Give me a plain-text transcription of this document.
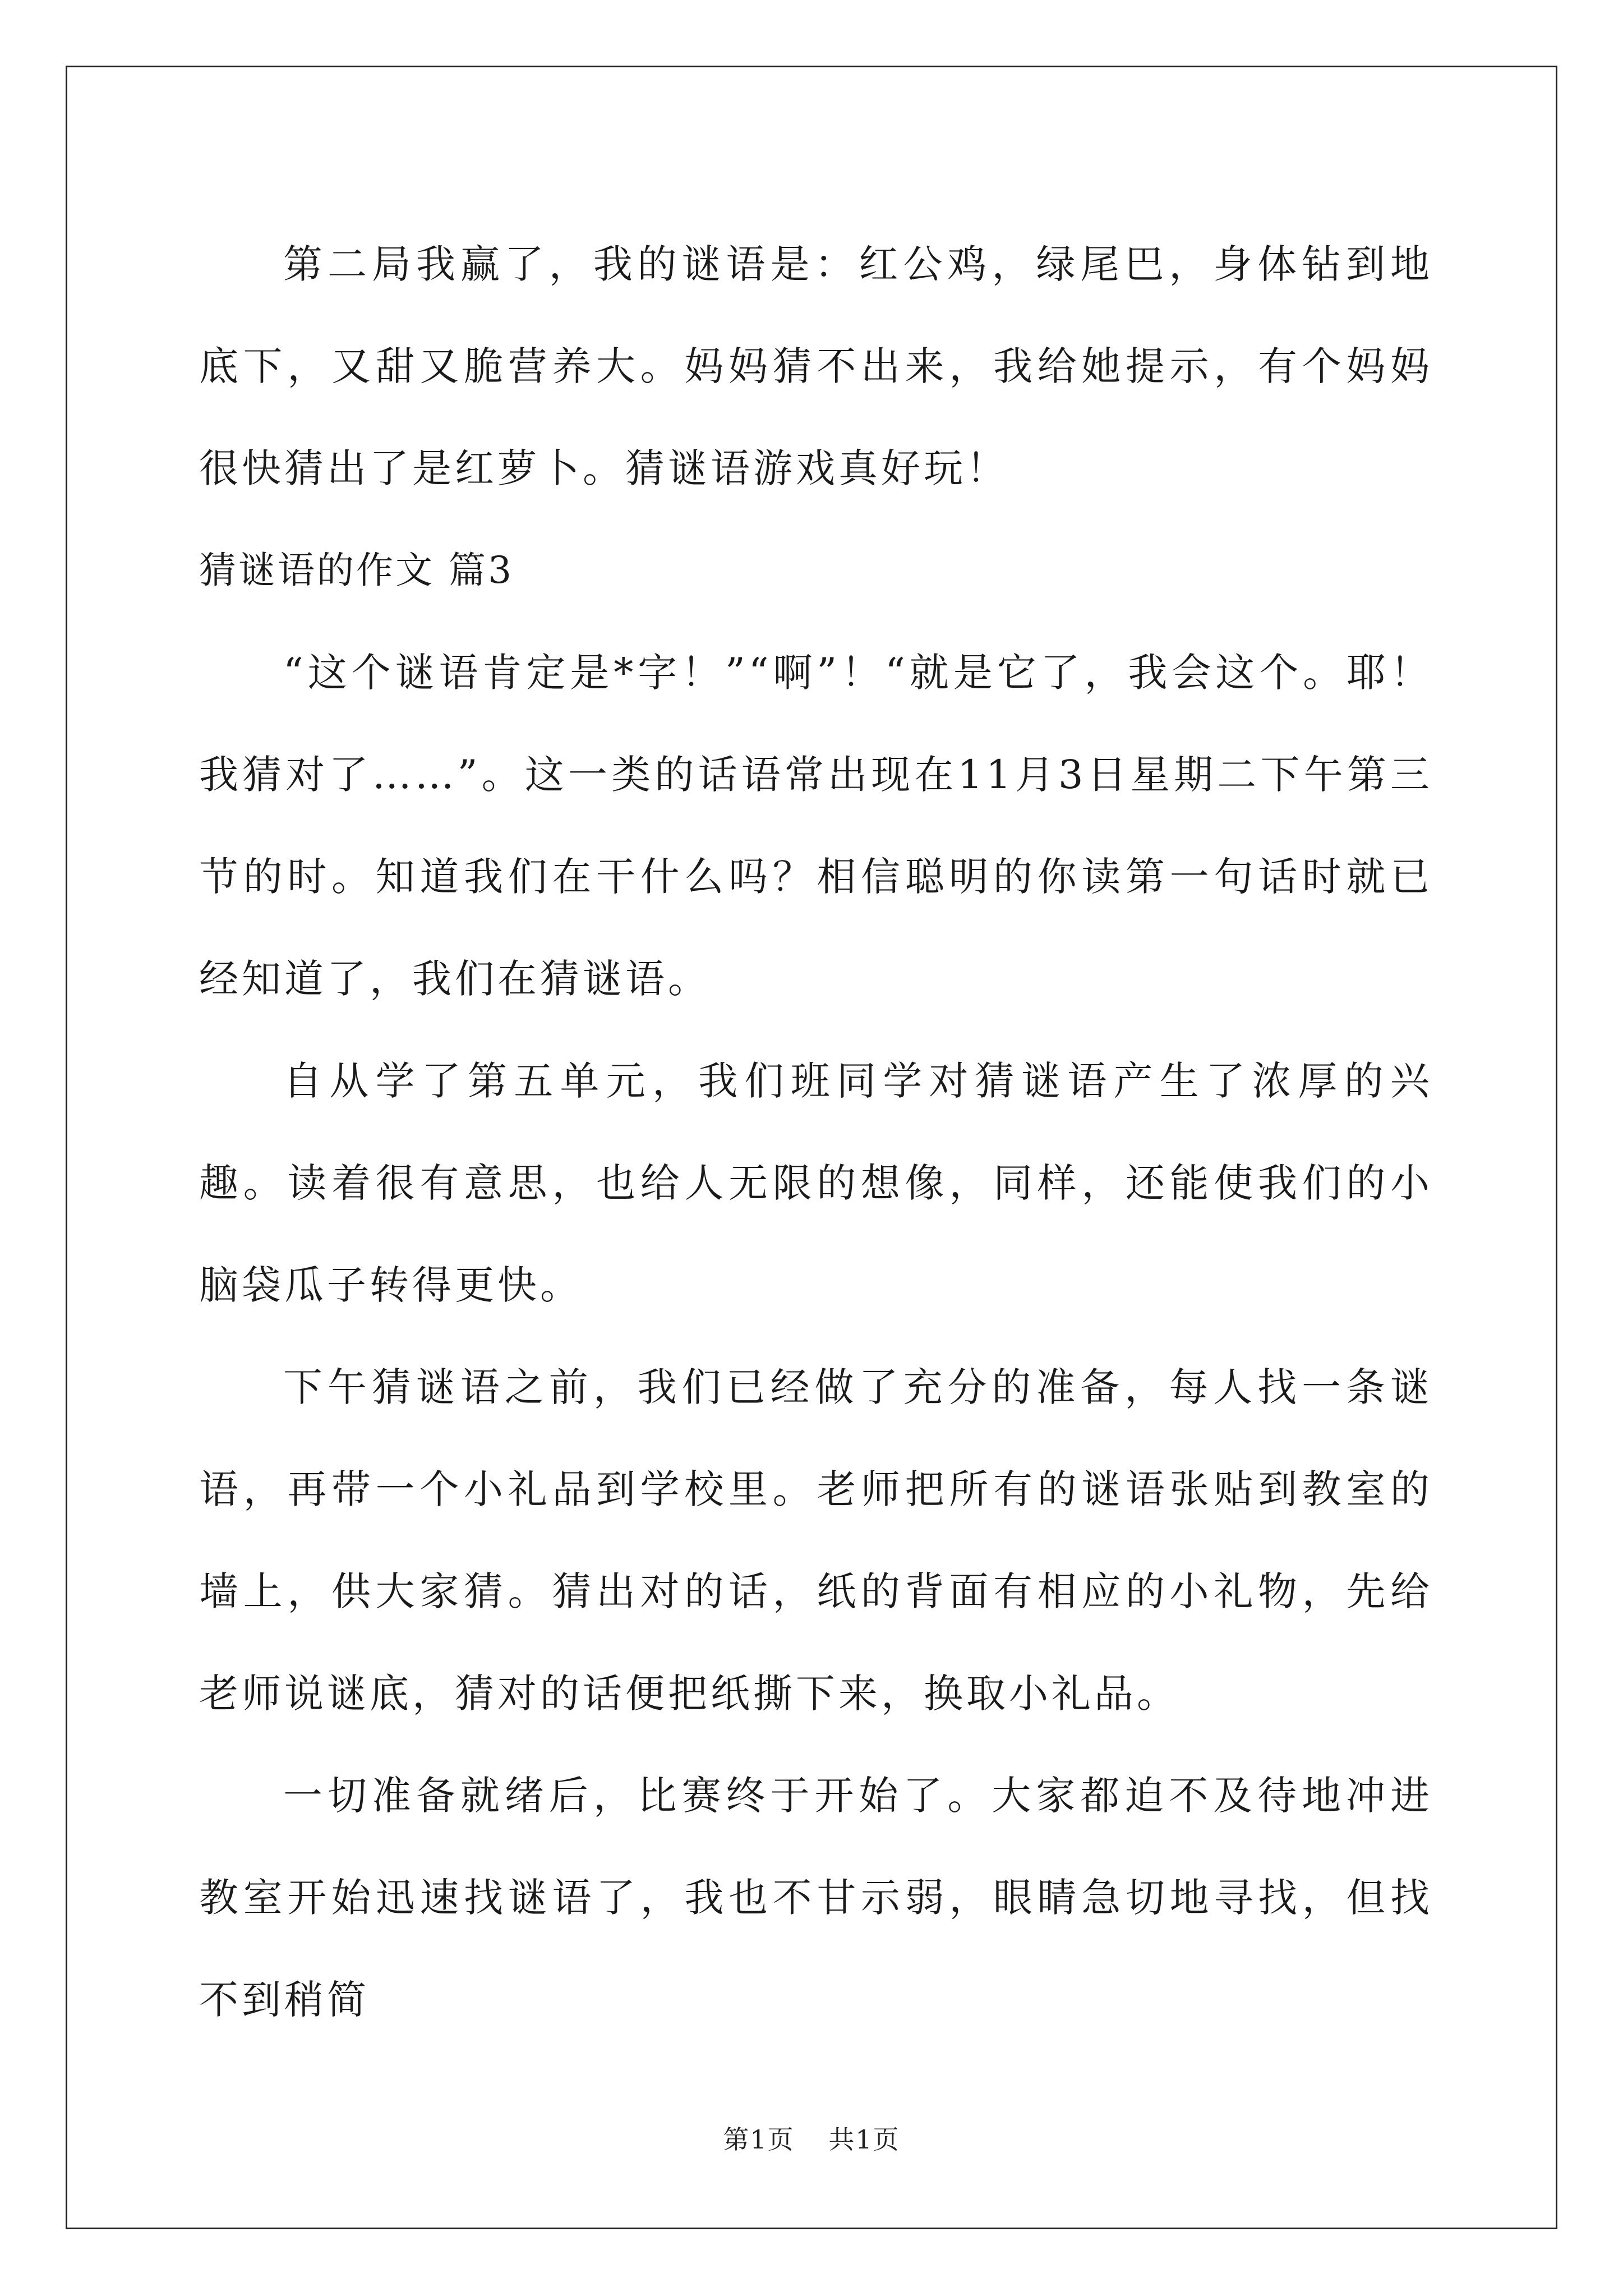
第二局我赢了，我的谜语是：红公鸡，绿尾巴，身体钻到地底下，又甜又脆营养大。妈妈猜不出来，我给她提示，有个妈妈很快猜出了是红萝卜。猜谜语游戏真好玩！

猜谜语的作文 篇3

“这个谜语肯定是*字！”“啊”！“就是它了，我会这个。耶！我猜对了……”。这一类的话语常出现在11月3日星期二下午第三节的时。知道我们在干什么吗？相信聪明的你读第一句话时就已经知道了，我们在猜谜语。

自从学了第五单元，我们班同学对猜谜语产生了浓厚的兴趣。读着很有意思，也给人无限的想像，同样，还能使我们的小脑袋瓜子转得更快。

下午猜谜语之前，我们已经做了充分的准备，每人找一条谜语，再带一个小礼品到学校里。老师把所有的谜语张贴到教室的墙上，供大家猜。猜出对的话，纸的背面有相应的小礼物，先给老师说谜底，猜对的话便把纸撕下来，换取小礼品。

一切准备就绪后，比赛终于开始了。大家都迫不及待地冲进教室开始迅速找谜语了，我也不甘示弱，眼睛急切地寻找，但找不到稍简

第1页 共1页
